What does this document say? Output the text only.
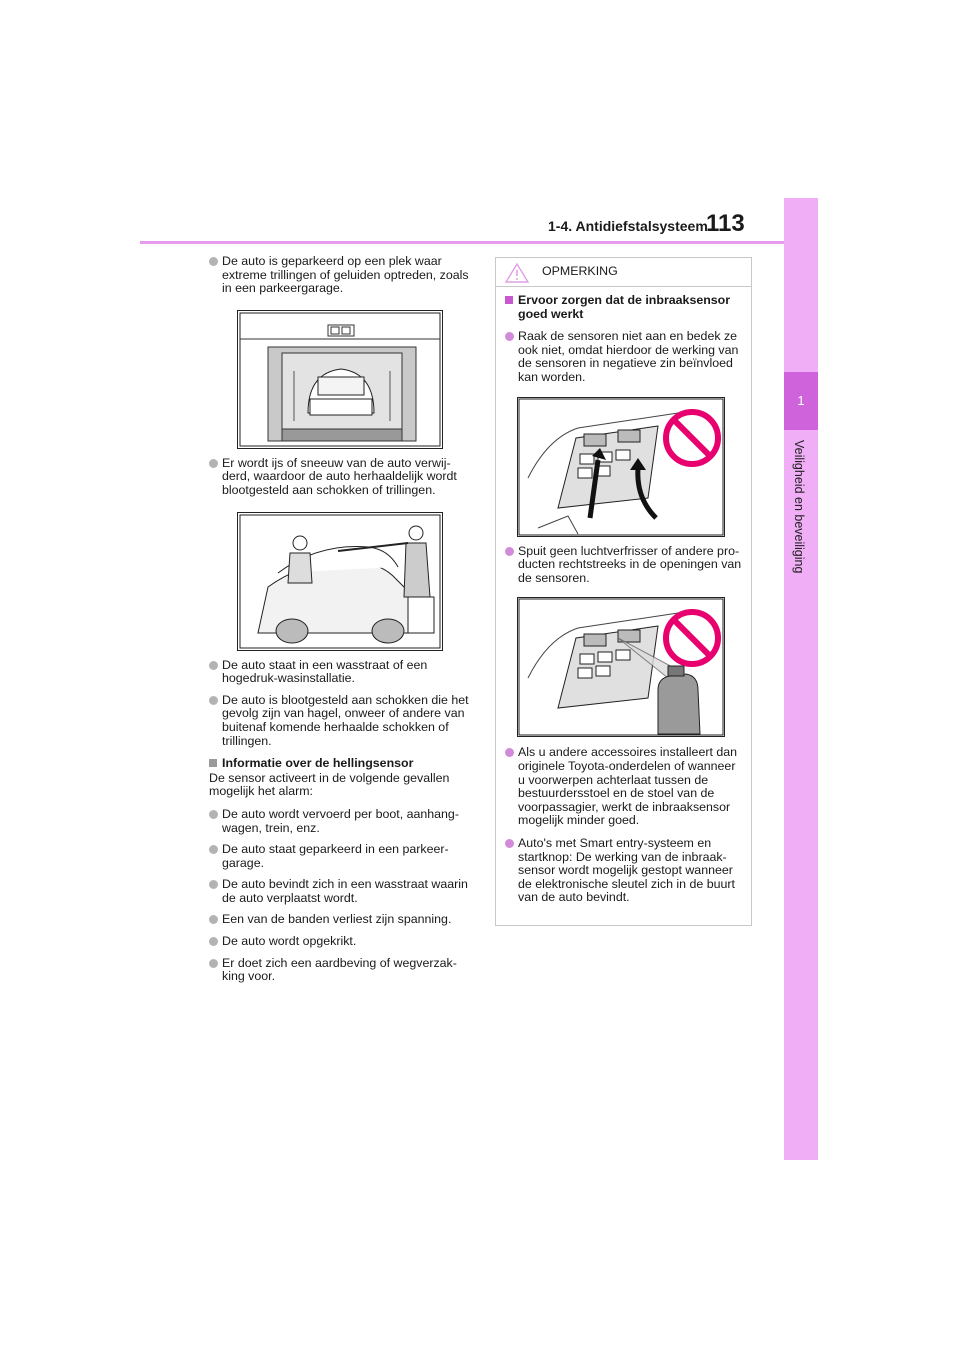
1-4. Antidiefstalsysteem
113
1
Veiligheid en beveiliging

De auto is geparkeerd op een plek waar extreme trillingen of geluiden optreden, zoals in een parkeergarage.

Er wordt ijs of sneeuw van de auto verwij-derd, waardoor de auto herhaaldelijk wordt blootgesteld aan schokken of trillingen.

De auto staat in een wasstraat of een hogedruk-wasinstallatie.

De auto is blootgesteld aan schokken die het gevolg zijn van hagel, onweer of andere van buitenaf komende herhaalde schokken of trillingen.

Informatie over de hellingsensor

De sensor activeert in de volgende gevallen mogelijk het alarm:

De auto wordt vervoerd per boot, aanhang-wagen, trein, enz.

De auto staat geparkeerd in een parkeer-garage.

De auto bevindt zich in een wasstraat waarin de auto verplaatst wordt.

Een van de banden verliest zijn spanning.

De auto wordt opgekrikt.

Er doet zich een aardbeving of wegverzak-king voor.

OPMERKING

Ervoor zorgen dat de inbraaksensor goed werkt

Raak de sensoren niet aan en bedek ze ook niet, omdat hierdoor de werking van de sensoren in negatieve zin beïnvloed kan worden.

Spuit geen luchtverfrisser of andere pro-ducten rechtstreeks in de openingen van de sensoren.

Als u andere accessoires installeert dan originele Toyota-onderdelen of wanneer u voorwerpen achterlaat tussen de bestuurdersstoel en de stoel van de voorpassagier, werkt de inbraaksensor mogelijk minder goed.

Auto's met Smart entry-systeem en startknop: De werking van de inbraak-sensor wordt mogelijk gestopt wanneer de elektronische sleutel zich in de buurt van de auto bevindt.
